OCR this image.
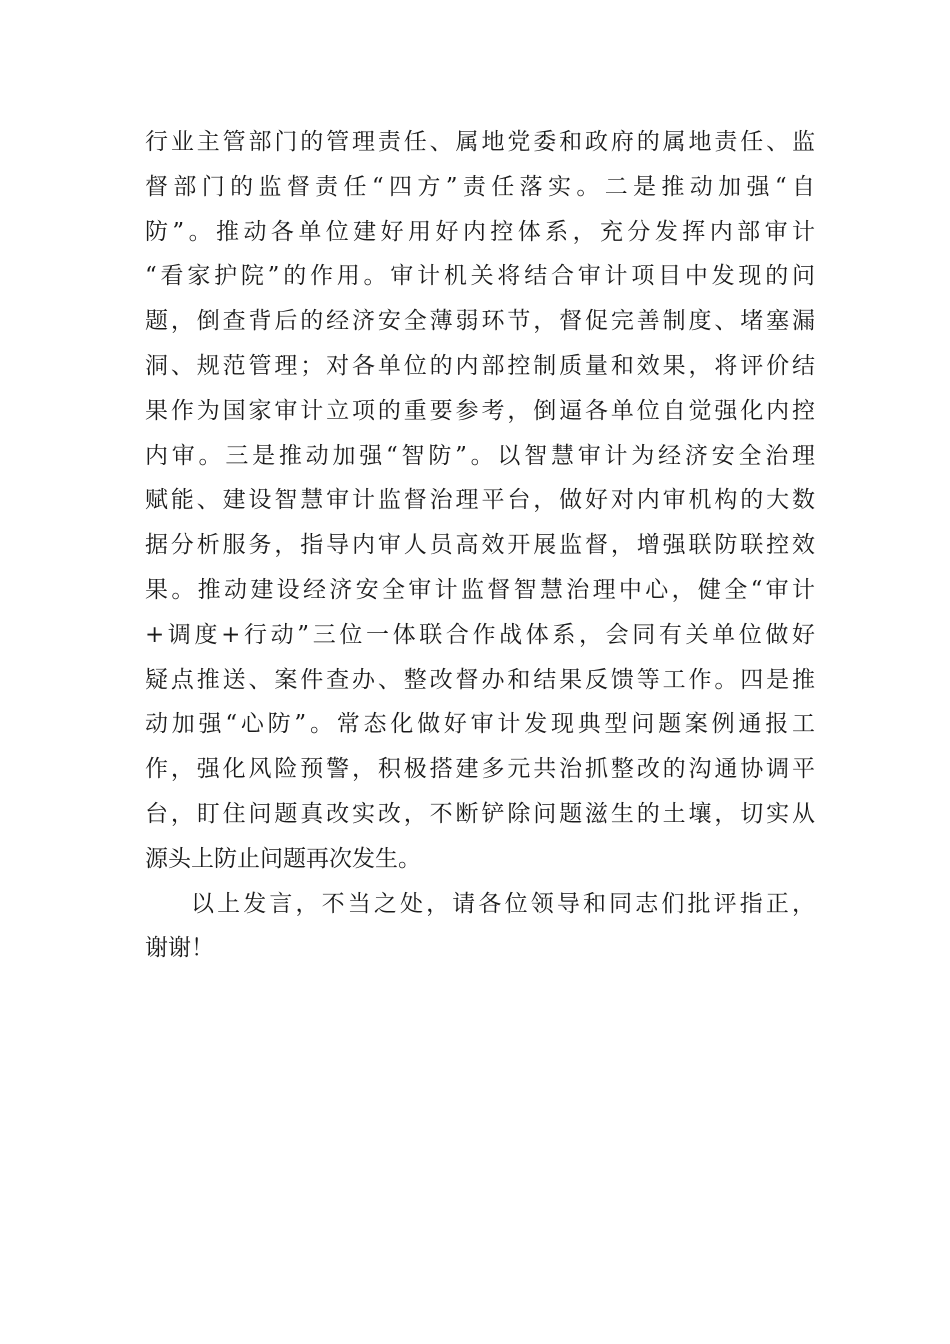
行业主管部门的管理责任、属地党委和政府的属地责任、监
督部门的监督责任“四方”责任落实。二是推动加强“自
防”。推动各单位建好用好内控体系，充分发挥内部审计
“看家护院”的作用。审计机关将结合审计项目中发现的问
题，倒查背后的经济安全薄弱环节，督促完善制度、堵塞漏
洞、规范管理；对各单位的内部控制质量和效果，将评价结
果作为国家审计立项的重要参考，倒逼各单位自觉强化内控
内审。三是推动加强“智防”。以智慧审计为经济安全治理
赋能、建设智慧审计监督治理平台，做好对内审机构的大数
据分析服务，指导内审人员高效开展监督，增强联防联控效
果。推动建设经济安全审计监督智慧治理中心，健全“审计
+调度+行动”三位一体联合作战体系，会同有关单位做好
疑点推送、案件查办、整改督办和结果反馈等工作。四是推
动加强“心防”。常态化做好审计发现典型问题案例通报工
作，强化风险预警，积极搭建多元共治抓整改的沟通协调平
台，盯住问题真改实改，不断铲除问题滋生的土壤，切实从
源头上防止问题再次发生。
以上发言，不当之处，请各位领导和同志们批评指正，
谢谢！
